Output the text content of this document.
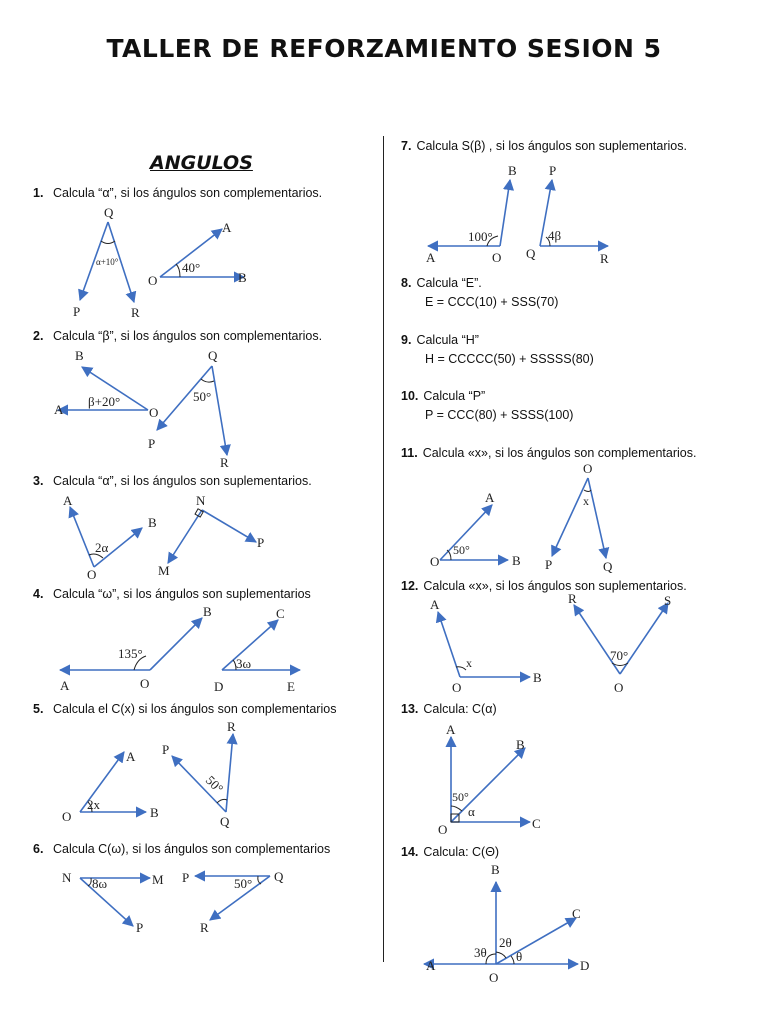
TALLER DE REFORZAMIENTO SESION 5
ANGULOS
1. Calcula “α”, si los ángulos son complementarios.
2. Calcula “β”, si los ángulos son complementarios.
3. Calcula “α”, si los ángulos son suplementarios.
4. Calcula “ω”, si los ángulos son suplementarios
5. Calcula el C(x) si los ángulos son complementarios
6. Calcula C(ω), si los ángulos son complementarios
7. Calcula S(β) , si los ángulos son suplementarios.
8. Calcula “E”.
E = CCC(10) + SSS(70)
9. Calcula “H”
H = CCCCC(50) + SSSSS(80)
10. Calcula “P”
P = CCC(80) + SSSS(100)
11. Calcula «x», si los ángulos son complementarios.
12. Calcula «x», si los ángulos son suplementarios.
13. Calcula: C(α)
14. Calcula: C(Θ)
Q
P	R
α+10°
A
O	B
40°
B
A	O
β+20°
Q
P
R
50°
A
B
O
2α
N
M
P
A	O
B
135°
C
D	E
3ω
A
O	B
2x
P
R
Q
50°
N	M
P
8ω	P	Q
R
50°
A	O
B
100°
P
Q	R
4β
A
O	B
50°
O
P	Q
x
A
O
B
x
R	S
O
70°
A
B
O	C
50°
α
B
C
A
O
D
3θ
2θ
θ
